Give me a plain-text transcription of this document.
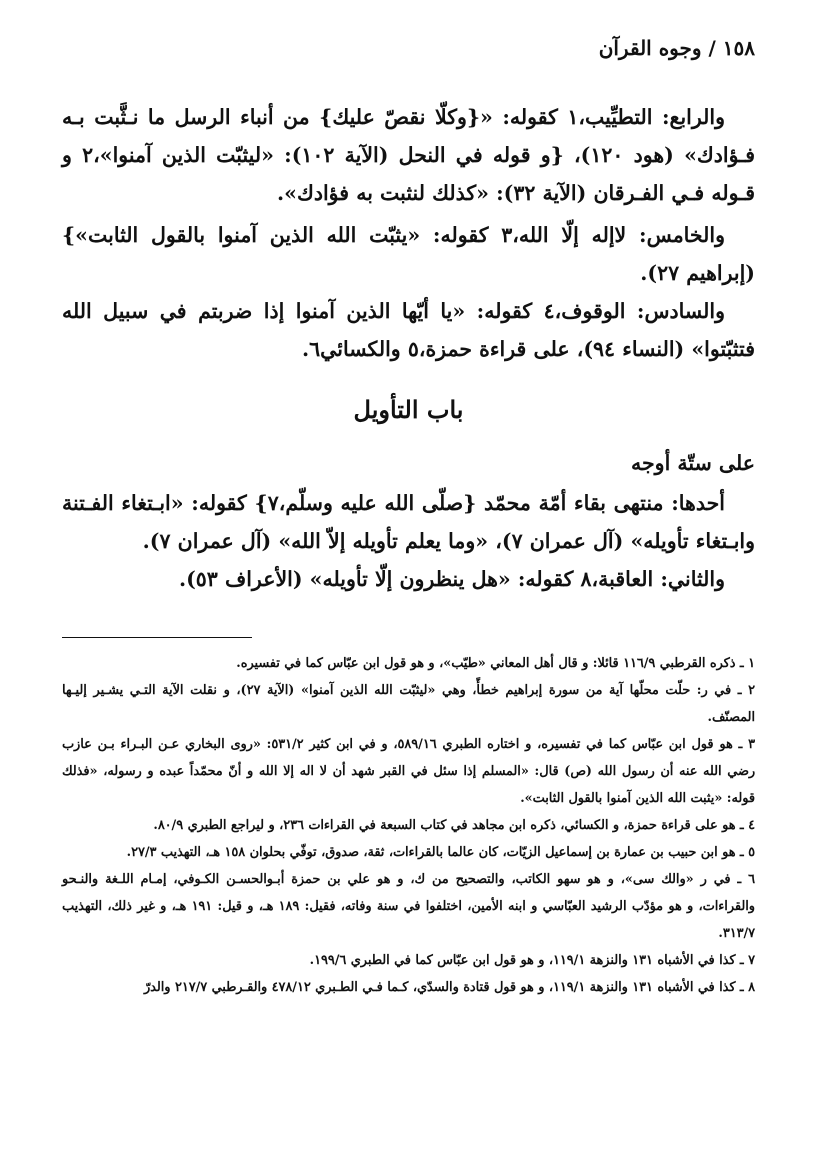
١٥٨ / وجوه القرآن

والرابع: التطيِّيب،١ كقوله: «{وكلّا نقصّ عليك} من أنباء الرسل ما نـثَّبت بـه فـؤادك» (هود ١٢٠)، {و قوله في النحل (الآية ١٠٢): «ليثبّت الذين آمنوا»،٢ و قـوله فـي الفـرقان (الآية ٣٢): «كذلك لنثبت به فؤادك».

والخامس: لاإله إلّا الله،٣ كقوله: «يثبّت الله الذين آمنوا بالقول الثابت»} (إبراهيم ٢٧).

والسادس: الوقوف،٤ كقوله: «يا أيّها الذين آمنوا إذا ضربتم في سبيل الله فتثبّتوا» (النساء ٩٤)، على قراءة حمزة،٥ والكسائي٦.

باب التأويل
على ستّة أوجه

أحدها: منتهى بقاء أمّة محمّد {صلّى الله عليه وسلّم،٧} كقوله: «ابـتغاء الفـتنة وابـتغاء تأويله» (آل عمران ٧)، «وما يعلم تأويله إلاّ الله» (آل عمران ٧).

والثاني: العاقبة،٨ كقوله: «هل ينظرون إلّا تأويله» (الأعراف ٥٣).

١ ـ ذكره القرطبي ١١٦/٩ قائلا: و قال أهل المعاني «طيّب»، و هو قول ابن عبّاس كما في تفسيره.

٢ ـ في ر: حلّت محلّها آية من سورة إبراهيم خطأً، وهي «ليثبّت الله الذين آمنوا» (الآية ٢٧)، و نقلت الآية التـي يشـير إليـها المصنّف.

٣ ـ هو قول ابن عبّاس كما في تفسيره، و اختاره الطبري ٥٨٩/١٦، و في ابن كثير ٥٣١/٢: «روى البخاري عـن البـراء بـن عازب رضي الله عنه أن رسول الله (ص) قال: «المسلم إذا سئل في القبر شهد أن لا اله إلا الله و أنّ محمّداً عبده و رسوله، «فذلك قوله: «يثبت الله الذين آمنوا بالقول الثابت».

٤ ـ هو على قراءة حمزة، و الكسائي، ذكره ابن مجاهد في كتاب السبعة في القراءات ٢٣٦، و ليراجع الطبري ٨٠/٩.

٥ ـ هو ابن حبيب بن عمارة بن إسماعيل الزيّات، كان عالما بالقراءات، ثقة، صدوق، توفّي بحلوان ١٥٨ هـ، التهذيب ٢٧/٣.

٦ ـ في ر «والك سى»، و هو سهو الكاتب، والتصحيح من ك، و هو علي بن حمزة أبـوالحسـن الكـوفي، إمـام اللـغة والنـحو والقراءات، و هو مؤدّب الرشيد العبّاسي و ابنه الأمين، اختلفوا في سنة وفاته، فقيل: ١٨٩ هـ، و قيل: ١٩١ هـ، و غير ذلك، التهذيب ٣١٣/٧.

٧ ـ كذا في الأشباه ١٣١ والنزهة ١١٩/١، و هو قول ابن عبّاس كما في الطبري ١٩٩/٦.

٨ ـ كذا في الأشباه ١٣١ والنزهة ١١٩/١، و هو قول قتادة والسدّي، كـما فـي الطـبري ٤٧٨/١٢ والقـرطبي ٢١٧/٧ والدرّ
